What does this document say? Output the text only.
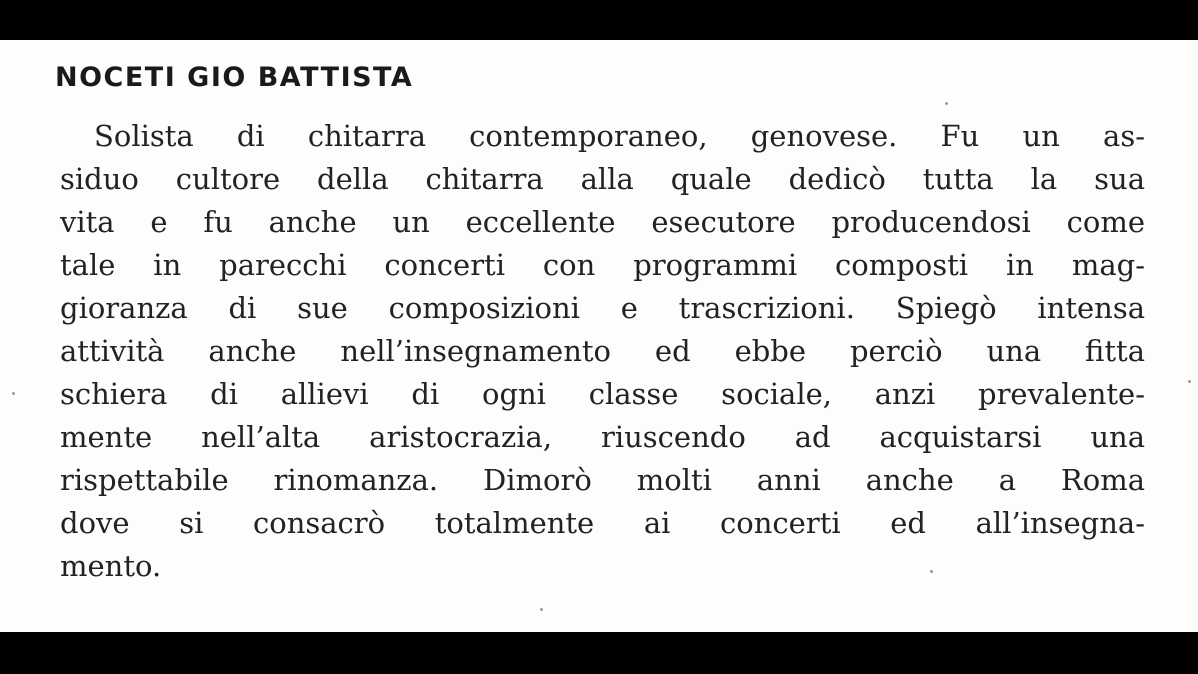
NOCETI GIO BATTISTA
Solista di chitarra contemporaneo, genovese. Fu un as-
siduo cultore della chitarra alla quale dedicò tutta la sua
vita e fu anche un eccellente esecutore producendosi come
tale in parecchi concerti con programmi composti in mag-
gioranza di sue composizioni e trascrizioni. Spiegò intensa
attività anche nell’insegnamento ed ebbe perciò una fitta
schiera di allievi di ogni classe sociale, anzi prevalente-
mente nell’alta aristocrazia, riuscendo ad acquistarsi una
rispettabile rinomanza. Dimorò molti anni anche a Roma
dove si consacrò totalmente ai concerti ed all’insegna-
mento.
